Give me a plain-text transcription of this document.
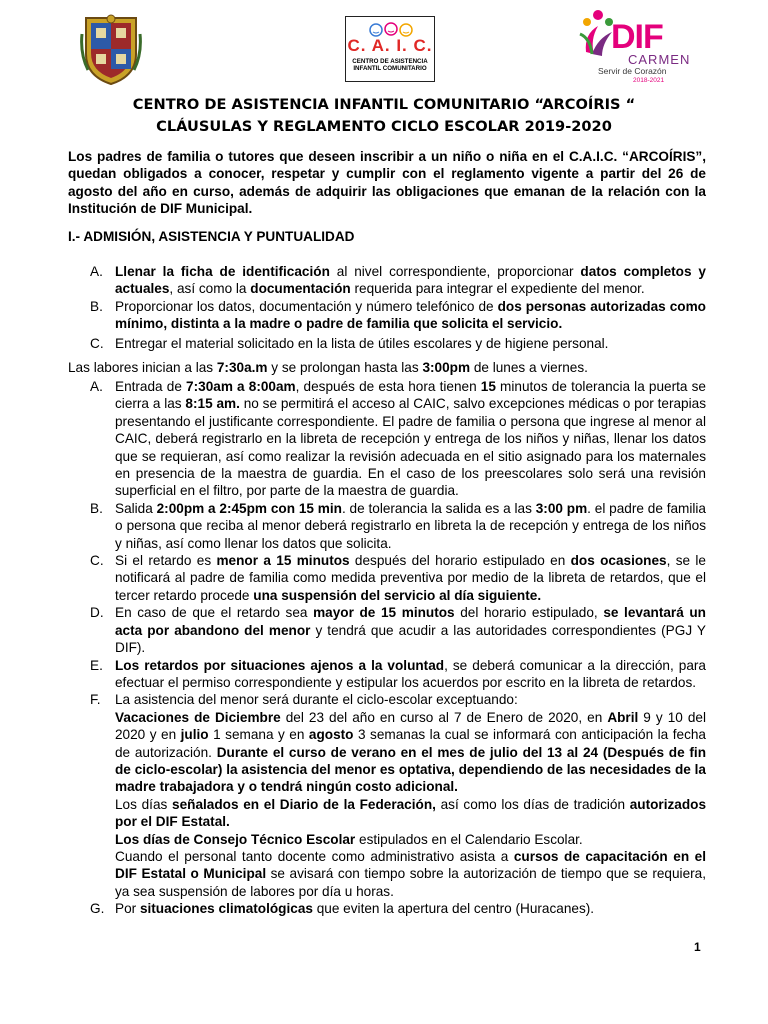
C. A. I. C.
CENTRO DE ASISTENCIA INFANTIL COMUNITARIO
DIF
CARMEN
Servir de Corazón
2018-2021
CENTRO DE ASISTENCIA INFANTIL COMUNITARIO “ARCOÍRIS “
CLÁUSULAS Y REGLAMENTO CICLO ESCOLAR 2019-2020
Los padres de familia o tutores que deseen inscribir a un niño o niña en el C.A.I.C. “ARCOÍRIS”, quedan obligados a conocer, respetar y cumplir con el reglamento vigente a partir del 26 de agosto del año en curso, además de adquirir las obligaciones que emanan de la relación con la Institución de DIF Municipal.
I.- ADMISIÓN, ASISTENCIA Y PUNTUALIDAD
A. Llenar la ficha de identificación al nivel correspondiente, proporcionar datos completos y actuales, así como la documentación requerida para integrar el expediente del menor.
B. Proporcionar los datos, documentación y número telefónico de dos personas autorizadas como mínimo, distinta a la madre o padre de familia que solicita el servicio.
C. Entregar el material solicitado en la lista de útiles escolares y de higiene personal.
Las labores inician a las 7:30a.m y se prolongan hasta las 3:00pm de lunes a viernes.
A. Entrada de 7:30am a 8:00am, después de esta hora tienen 15 minutos de tolerancia la puerta se cierra a las 8:15 am. no se permitirá el acceso al CAIC, salvo excepciones médicas o por terapias presentando el justificante correspondiente. El padre de familia o persona que ingrese al menor al CAIC, deberá registrarlo en la libreta de recepción y entrega de los niños y niñas, llenar los datos que se requieran, así como realizar la revisión adecuada en el sitio asignado para los maternales en presencia de la maestra de guardia. En el caso de los preescolares solo será una revisión superficial en el filtro, por parte de la maestra de guardia.
B. Salida 2:00pm a 2:45pm con 15 min. de tolerancia la salida es a las 3:00 pm. el padre de familia o persona que reciba al menor deberá registrarlo en libreta la de recepción y entrega de los niños y niñas, así como llenar los datos que solicita.
C. Si el retardo es menor a 15 minutos después del horario estipulado en dos ocasiones, se le notificará al padre de familia como medida preventiva por medio de la libreta de retardos, que el tercer retardo procede una suspensión del servicio al día siguiente.
D. En caso de que el retardo sea mayor de 15 minutos del horario estipulado, se levantará un acta por abandono del menor y tendrá que acudir a las autoridades correspondientes (PGJ Y DIF).
E. Los retardos por situaciones ajenos a la voluntad, se deberá comunicar a la dirección, para efectuar el permiso correspondiente y estipular los acuerdos por escrito en la libreta de retardos.
F. La asistencia del menor será durante el ciclo-escolar exceptuando:
Vacaciones de Diciembre del 23 del año en curso al 7 de Enero de 2020, en Abril 9 y 10 del 2020 y en julio 1 semana y en agosto 3 semanas la cual se informará con anticipación la fecha de autorización. Durante el curso de verano en el mes de julio del 13 al 24 (Después de fin de ciclo-escolar) la asistencia del menor es optativa, dependiendo de las necesidades de la madre trabajadora y o tendrá ningún costo adicional.
Los días señalados en el Diario de la Federación, así como los días de tradición autorizados por el DIF Estatal.
Los días de Consejo Técnico Escolar estipulados en el Calendario Escolar.
Cuando el personal tanto docente como administrativo asista a cursos de capacitación en el DIF Estatal o Municipal se avisará con tiempo sobre la autorización de tiempo que se requiera, ya sea suspensión de labores por día u horas.
G. Por situaciones climatológicas que eviten la apertura del centro (Huracanes).
1
